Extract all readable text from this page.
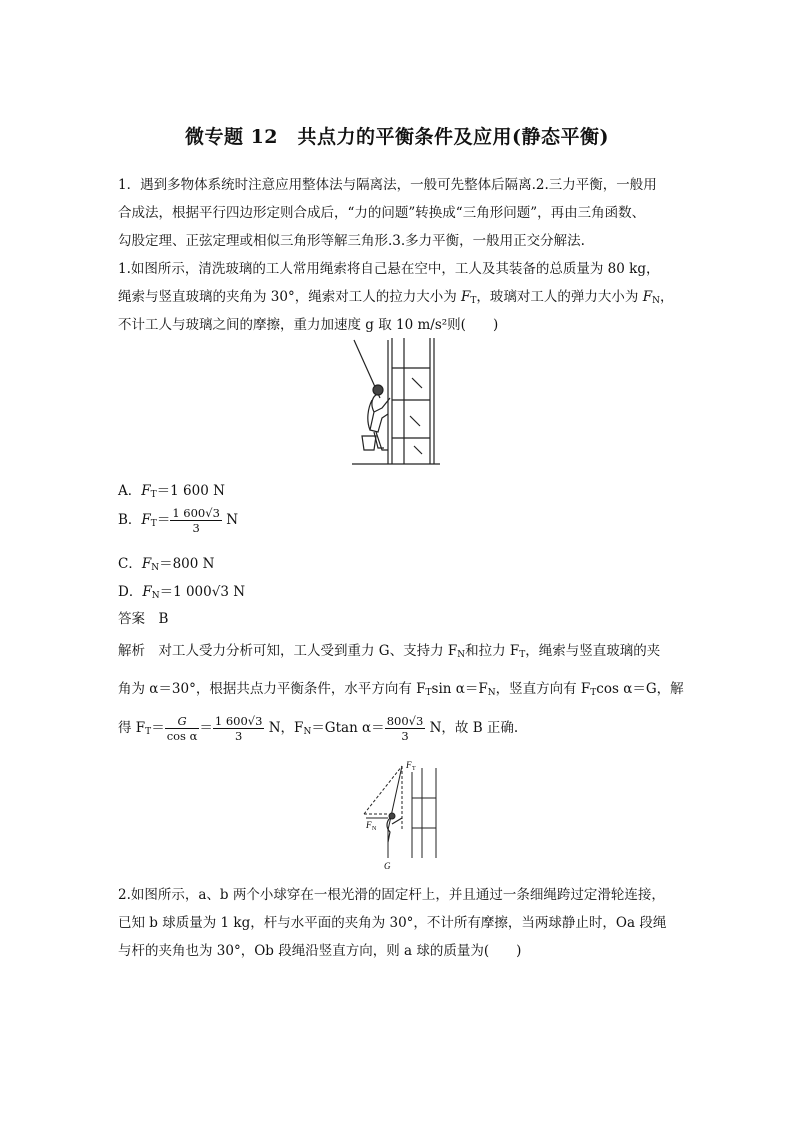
微专题 12　共点力的平衡条件及应用(静态平衡)
1．遇到多物体系统时注意应用整体法与隔离法，一般可先整体后隔离.2.三力平衡，一般用
合成法，根据平行四边形定则合成后，“力的问题”转换成“三角形问题”，再由三角函数、
勾股定理、正弦定理或相似三角形等解三角形.3.多力平衡，一般用正交分解法.
1.如图所示，清洗玻璃的工人常用绳索将自己悬在空中，工人及其装备的总质量为 80 kg，
绳索与竖直玻璃的夹角为 30°，绳索对工人的拉力大小为 $F_T$，玻璃对工人的弹力大小为 $F_N$，
不计工人与玻璃之间的摩擦，重力加速度 g 取 10 m/s²则(　　)
A．$F_T=1$ 600 N
B．$F_T= \frac{1 600√3}{3}$ N
C．$F_N=800$ N
D．$F_N=1$ 000√3 N
答案　B
解析　对工人受力分析可知，工人受到重力 G、支持力 $F_N$和拉力 $F_T$，绳索与竖直玻璃的夹
角为 α＝30°，根据共点力平衡条件，水平方向有 $F_T\sin$ $\alpha=F_N$，竖直方向有 $F_T\cos$ α＝G，解
得 $F_T= \frac{G}{\text{cos α}} = \frac{1 600√3}{3}$ N，$F_N=Gtan$ $\alpha= \frac{800√3}{3}$ N，故 B 正确.
F T
F N
G
2.如图所示，a、b 两个小球穿在一根光滑的固定杆上，并且通过一条细绳跨过定滑轮连接，
已知 b 球质量为 1 kg，杆与水平面的夹角为 30°，不计所有摩擦，当两球静止时，Oa 段绳
与杆的夹角也为 30°，Ob 段绳沿竖直方向，则 a 球的质量为(　　)
